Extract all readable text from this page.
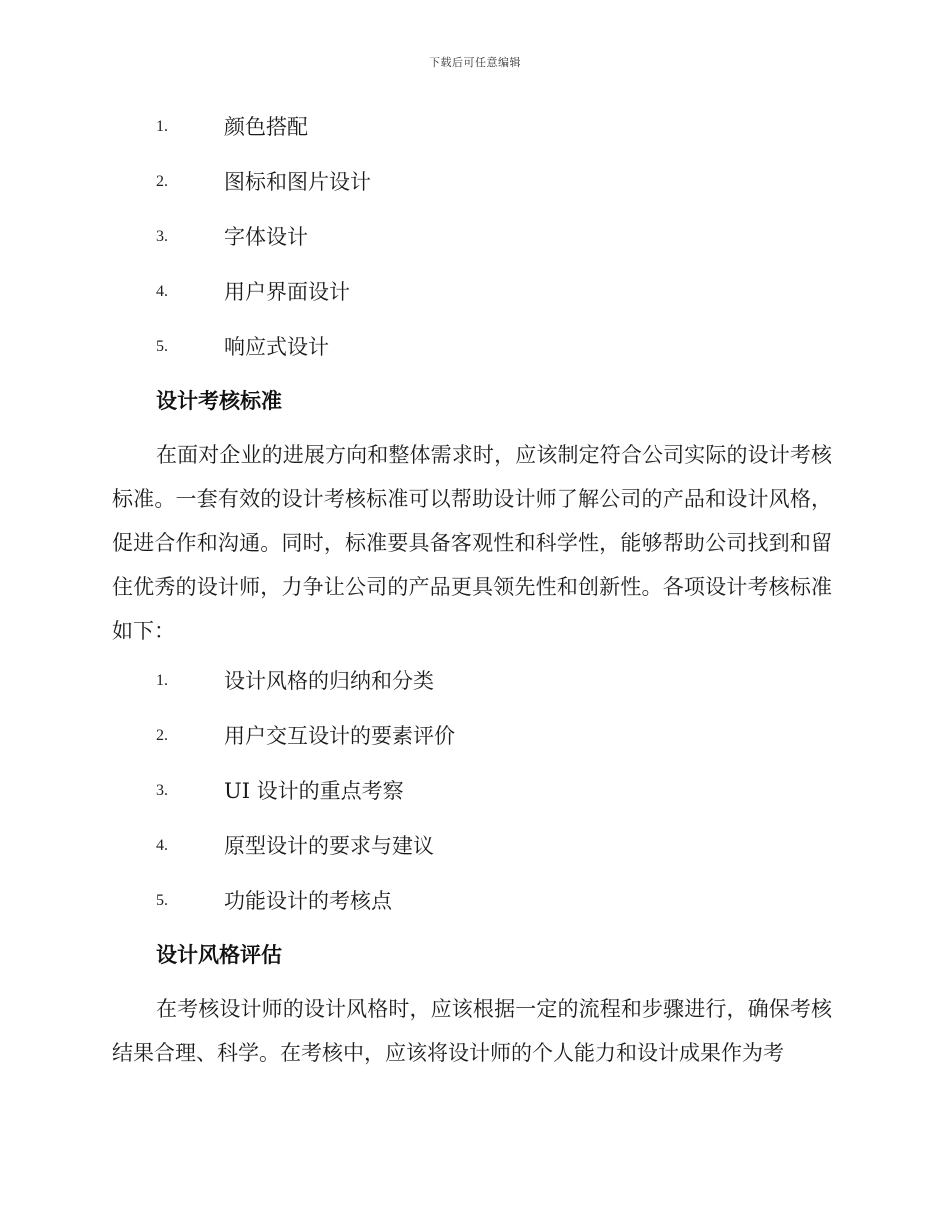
下载后可任意编辑
1.	颜色搭配
2.	图标和图片设计
3.	字体设计
4.	用户界面设计
5.	响应式设计
设计考核标准

在面对企业的进展方向和整体需求时，应该制定符合公司实际的设计考核标准。一套有效的设计考核标准可以帮助设计师了解公司的产品和设计风格，促进合作和沟通。同时，标准要具备客观性和科学性，能够帮助公司找到和留住优秀的设计师，力争让公司的产品更具领先性和创新性。各项设计考核标准如下：

1.	设计风格的归纳和分类
2.	用户交互设计的要素评价
3.	UI 设计的重点考察
4.	原型设计的要求与建议
5.	功能设计的考核点
设计风格评估

在考核设计师的设计风格时，应该根据一定的流程和步骤进行，确保考核结果合理、科学。在考核中，应该将设计师的个人能力和设计成果作为考
